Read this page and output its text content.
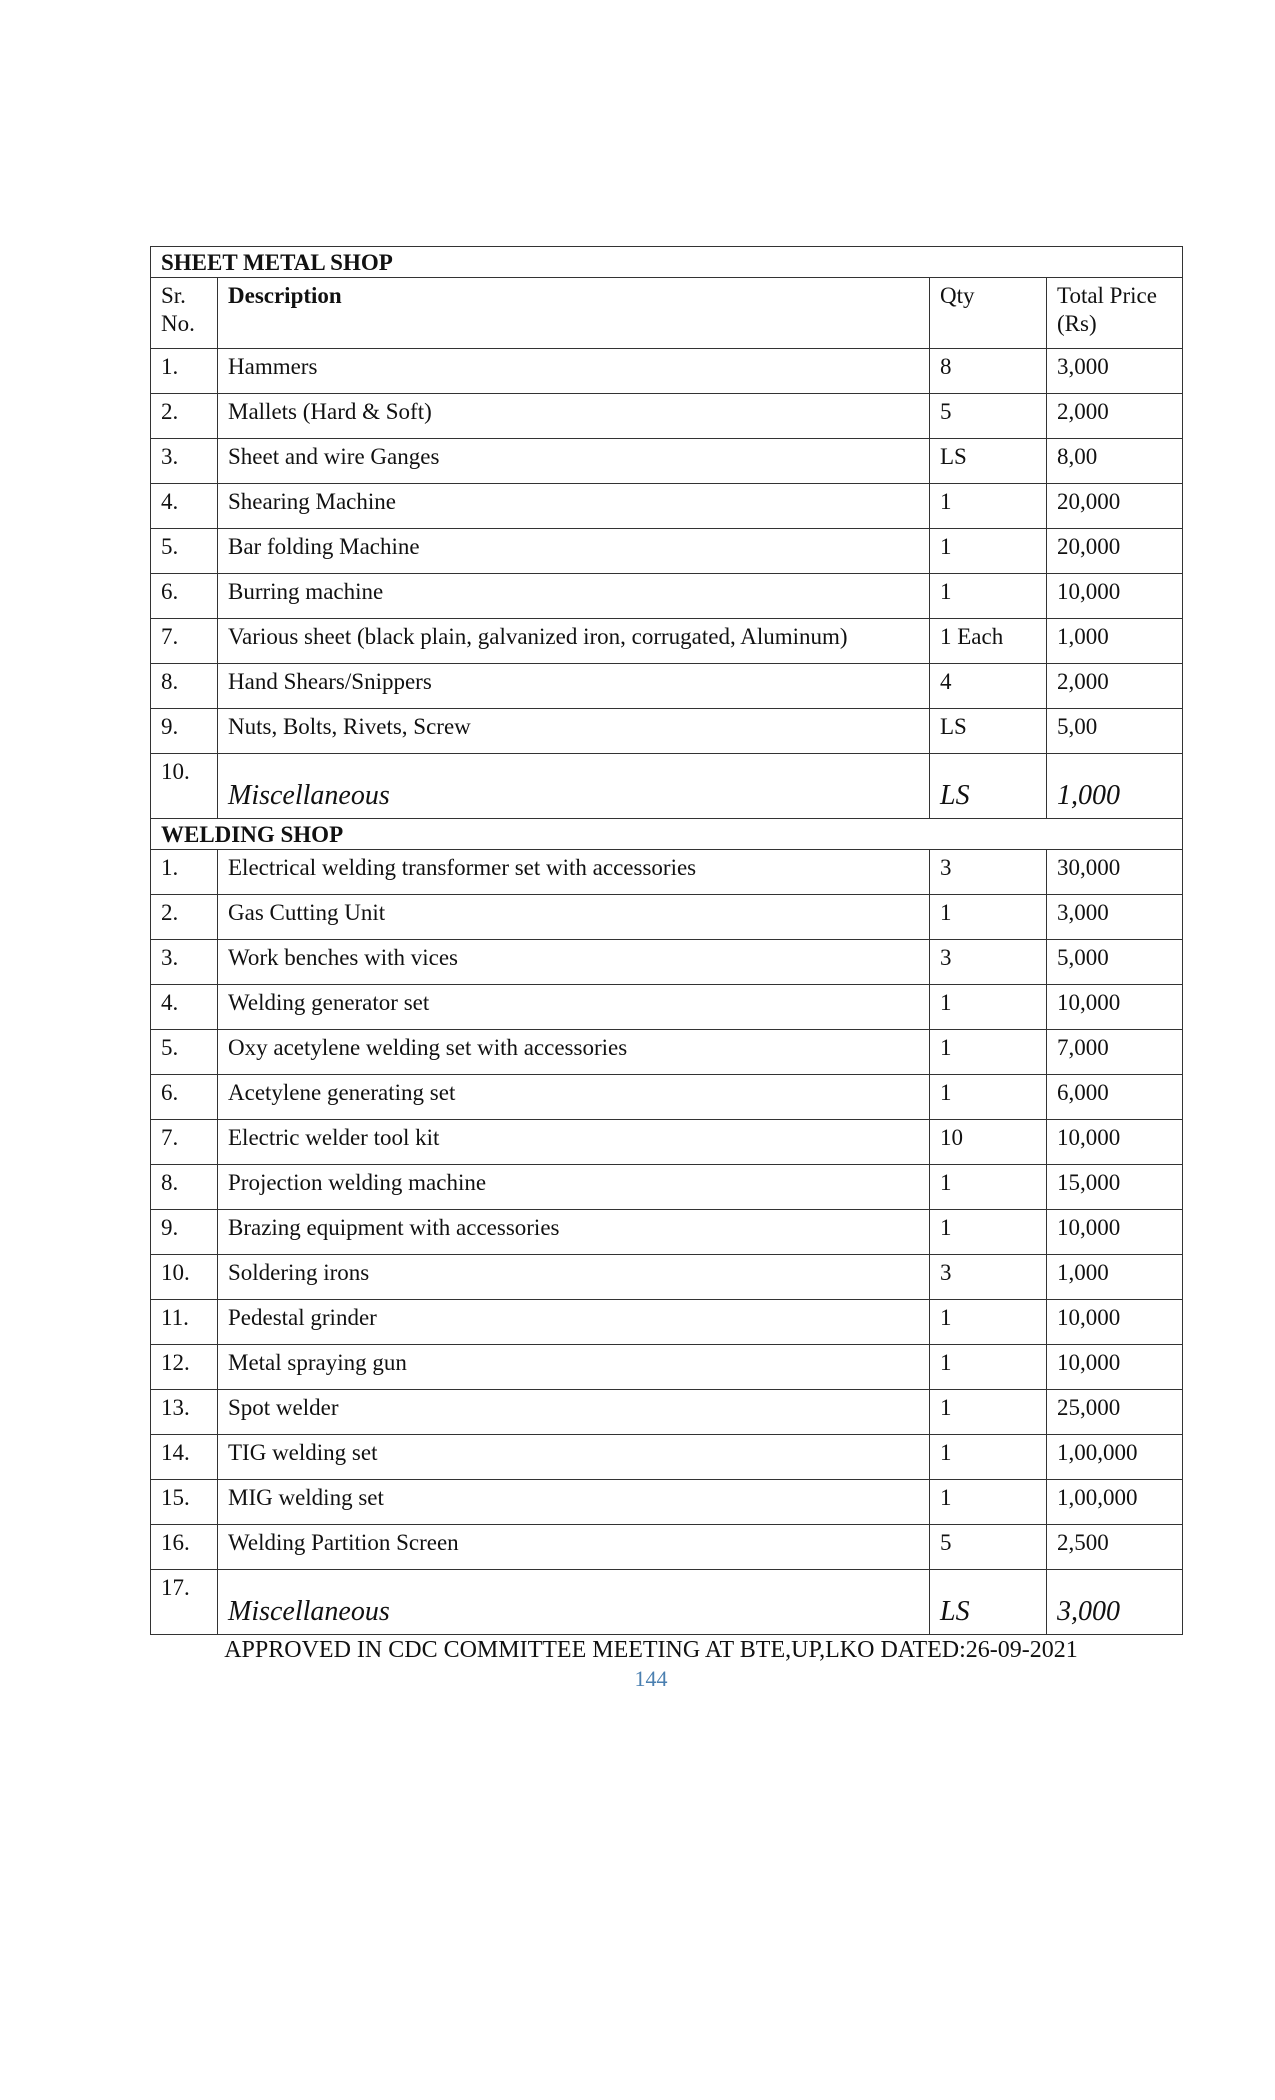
SHEET METAL SHOP			
Sr. No.	Description	Qty	Total Price (Rs)
1.	Hammers	8	3,000
2.	Mallets (Hard & Soft)	5	2,000
3.	Sheet and wire Ganges	LS	8,00
4.	Shearing Machine	1	20,000
5.	Bar folding Machine	1	20,000
6.	Burring machine	1	10,000
7.	Various sheet (black plain, galvanized iron, corrugated, Aluminum)	1 Each	1,000
8.	Hand Shears/Snippers	4	2,000
9.	Nuts, Bolts, Rivets, Screw	LS	5,00
10.	Miscellaneous	LS	1,000

WELDING SHOP			
1.	Electrical welding transformer set with accessories	3	30,000
2.	Gas Cutting Unit	1	3,000
3.	Work benches with vices	3	5,000
4.	Welding generator set	1	10,000
5.	Oxy acetylene welding set with accessories	1	7,000
6.	Acetylene generating set	1	6,000
7.	Electric welder tool kit	10	10,000
8.	Projection welding machine	1	15,000
9.	Brazing equipment with accessories	1	10,000
10.	Soldering irons	3	1,000
11.	Pedestal grinder	1	10,000
12.	Metal spraying gun	1	10,000
13.	Spot welder	1	25,000
14.	TIG welding set	1	1,00,000
15.	MIG welding set	1	1,00,000
16.	Welding Partition Screen	5	2,500
17.	Miscellaneous	LS	3,000
APPROVED IN CDC COMMITTEE MEETING AT BTE,UP,LKO DATED:26-09-2021
144
